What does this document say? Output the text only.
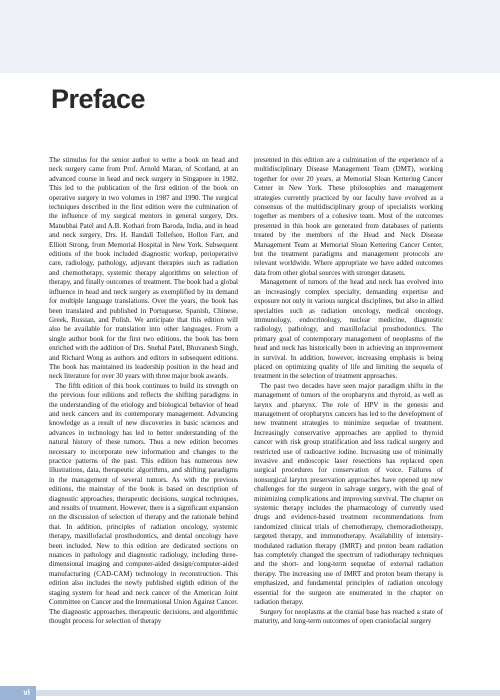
Preface

The stimulus for the senior author to write a book on head and neck surgery came from Prof. Arnold Maran, of Scotland, at an advanced course in head and neck surgery in Singapore in 1982. This led to the publication of the first edition of the book on operative surgery in two volumes in 1987 and 1990. The surgical techniques described in the first edition were the culmination of the influence of my surgical mentors in general surgery, Drs. Manubhai Patel and A.B. Kothari from Baroda, India, and in head and neck surgery, Drs. H. Randall Tollefsen, Hollon Farr, and Elliott Strong, from Memorial Hospital in New York. Subsequent editions of the book included diagnostic workup, perioperative care, radiology, pathology, adjuvant therapies such as radiation and chemotherapy, systemic therapy algorithms on selection of therapy, and finally outcomes of treatment. The book had a global influence in head and neck surgery as exemplified by its demand for multiple language translations. Over the years, the book has been translated and published in Portuguese, Spanish, Chinese, Greek, Russian, and Polish. We anticipate that this edition will also be available for translation into other languages. From a single author book for the first two editions, the book has been enriched with the addition of Drs. Snehal Patel, Bhuvanesh Singh, and Richard Wong as authors and editors in subsequent editions. The book has maintained its leadership position in the head and neck literature for over 30 years with three major book awards.

The fifth edition of this book continues to build its strength on the previous four editions and reflects the shifting paradigms in the understanding of the etiology and biological behavior of head and neck cancers and its contemporary management. Advancing knowledge as a result of new discoveries in basic sciences and advances in technology has led to better understanding of the natural history of these tumors. Thus a new edition becomes necessary to incorporate new information and changes to the practice patterns of the past. This edition has numerous new illustrations, data, therapeutic algorithms, and shifting paradigms in the management of several tumors. As with the previous editions, the mainstay of the book is based on description of diagnostic approaches, therapeutic decisions, surgical techniques, and results of treatment. However, there is a significant expansion on the discussion of selection of therapy and the rationale behind that. In addition, principles of radiation oncology, systemic therapy, maxillofacial prosthodontics, and dental oncology have been included. New to this edition are dedicated sections on nuances in pathology and diagnostic radiology, including three-dimensional imaging and computer-aided design/computer-aided manufacturing (CAD-CAM) technology in reconstruction. This edition also includes the newly published eighth edition of the staging system for head and neck cancer of the American Joint Committee on Cancer and the International Union Against Cancer. The diagnostic approaches, therapeutic decisions, and algorithmic thought process for selection of therapy

presented in this edition are a culmination of the experience of a multidisciplinary Disease Management Team (DMT), working together for over 20 years, at Memorial Sloan Kettering Cancer Center in New York. These philosophies and management strategies currently practiced by our faculty have evolved as a consensus of the multidisciplinary group of specialists working together as members of a cohesive team. Most of the outcomes presented in this book are generated from databases of patients treated by the members of the Head and Neck Disease Management Team at Memorial Sloan Kettering Cancer Center, but the treatment paradigms and management protocols are relevant worldwide. Where appropriate we have added outcomes data from other global sources with stronger datasets.

Management of tumors of the head and neck has evolved into an increasingly complex specialty, demanding expertise and exposure not only in various surgical disciplines, but also in allied specialties such as radiation oncology, medical oncology, immunology, endocrinology, nuclear medicine, diagnostic radiology, pathology, and maxillofacial prosthodontics. The primary goal of contemporary management of neoplasms of the head and neck has historically been in achieving an improvement in survival. In addition, however, increasing emphasis is being placed on optimizing quality of life and limiting the sequela of treatment in the selection of treatment approaches.

The past two decades have seen major paradigm shifts in the management of tumors of the oropharynx and thyroid, as well as larynx and pharynx. The role of HPV in the genesis and management of oropharynx cancers has led to the development of new treatment strategies to minimize sequelae of treatment. Increasingly conservative approaches are applied to thyroid cancer with risk group stratification and less radical surgery and restricted use of radioactive iodine. Increasing use of minimally invasive and endoscopic laser resections has replaced open surgical procedures for conservation of voice. Failures of nonsurgical larynx preservation approaches have opened up new challenges for the surgeon in salvage surgery, with the goal of minimizing complications and improving survival. The chapter on systemic therapy includes the pharmacology of currently used drugs and evidence-based treatment recommendations from randomized clinical trials of chemotherapy, chemoradiotherapy, targeted therapy, and immunotherapy. Availability of intensity-modulated radiation therapy (IMRT) and proton beam radiation has completely changed the spectrum of radiotherapy techniques and the short- and long-term sequelae of external radiation therapy. The increasing use of IMRT and proton beam therapy is emphasized, and fundamental principles of radiation oncology essential for the surgeon are enumerated in the chapter on radiation therapy.

Surgery for neoplasms at the cranial base has reached a state of maturity, and long-term outcomes of open craniofacial surgery

vi
